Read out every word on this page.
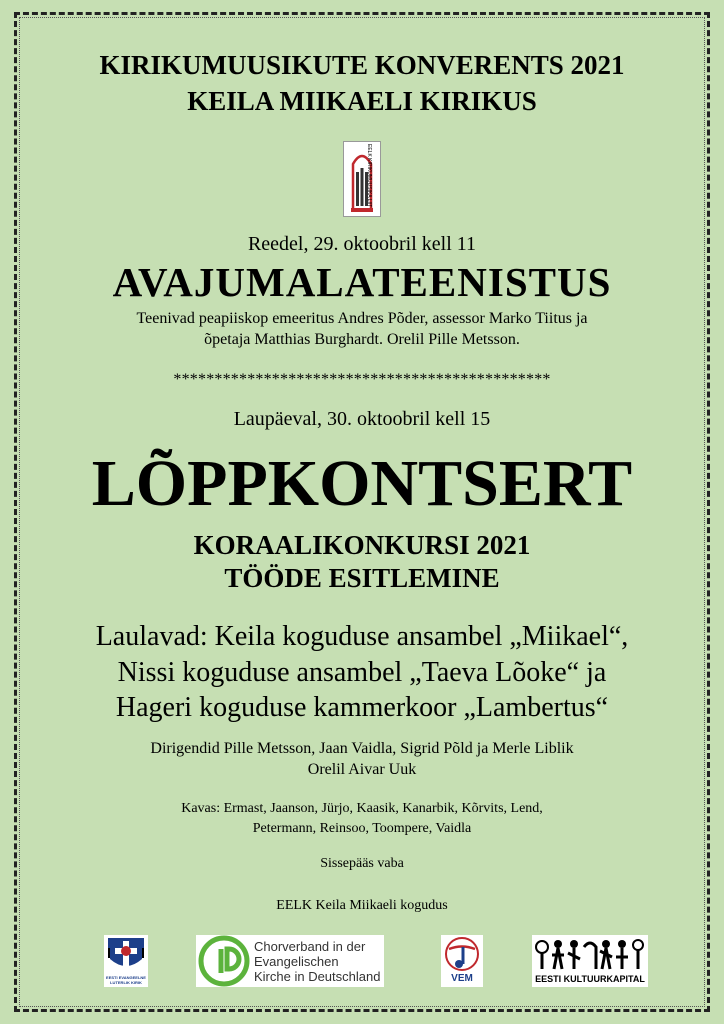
KIRIKUMUUSIKUTE KONVERENTS 2021
KEILA MIIKAELI KIRIKUS
EELK KIRIKUMUUSIKA LIIT
Reedel, 29. oktoobril kell 11
AVAJUMALATEENISTUS
Teenivad peapiiskop emeeritus Andres Põder, assessor Marko Tiitus ja
õpetaja Matthias Burghardt. Orelil Pille Metsson.
**********************************************
Laupäeval, 30. oktoobril kell 15
LÕPPKONTSERT
KORAALIKONKURSI 2021
TÖÖDE ESITLEMINE
Laulavad: Keila koguduse ansambel „Miikael“,
Nissi koguduse ansambel „Taeva Lõoke“ ja
Hageri koguduse kammerkoor „Lambertus“
Dirigendid Pille Metsson, Jaan Vaidla, Sigrid Põld ja Merle Liblik
Orelil Aivar Uuk
Kavas: Ermast, Jaanson, Jürjo, Kaasik, Kanarbik, Kõrvits, Lend,
Petermann, Reinsoo, Toompere, Vaidla
Sissepääs vaba
EELK Keila Miikaeli kogudus
EESTI EVANGEELNE
LUTERLIK KIRIK
Chorverband in der
Evangelischen
Kirche in Deutschland	VEM	EESTI KULTUURKAPITAL
